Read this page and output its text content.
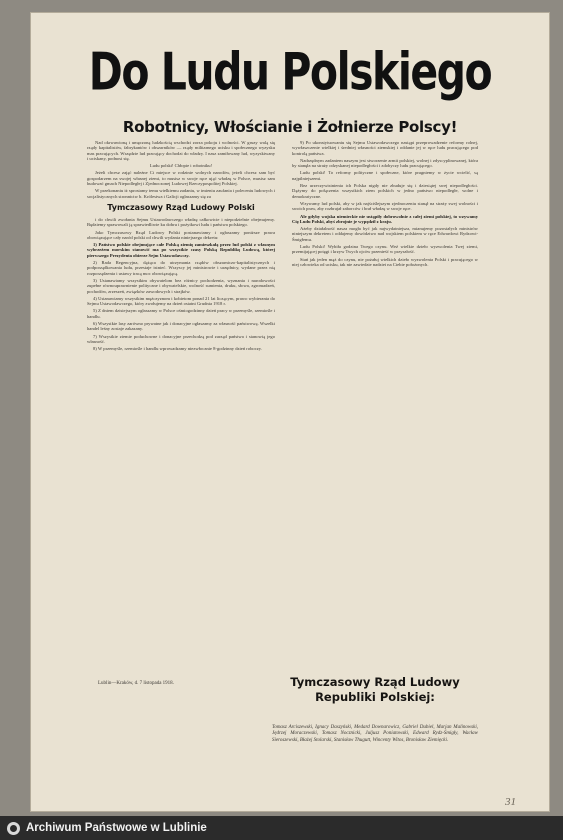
Do Ludu Polskiego
Robotnicy, Włościanie i Żołnierze Polscy!

Nad okrwawioną i umęczoną ludzkością wschodzi zorza pokoju i wolności. W gruzy walą się rządy kapitalistów, fabrykantów i obszarników — rządy militarnego ucisku i społecznego wyzysku mas pracujących. Wszędzie lud pracujący dochodzi do władzy. I nasz zamiłowany lud, wyzyskiwany i uciskany, podnosi się.

Ludu polski! Chłopie i robotniku!

Jeżeli chcesz zająć należne Ci miejsce w rodzinie wolnych narodów, jeżeli chcesz sam być gospodarzem na swojej własnej ziemi, to musisz w swoje ręce ująć władzę w Polsce, musisz sam budować gmach Niepodległej i Zjednoczonej Ludowej Rzeczypospolitej Polskiej.

W przekonaniu iż sprostamy temu wielkiemu zadaniu, w imieniu zaufania i poleceniu ludowych i socjalistycznych stronnictw b. Królestwa i Galicji ogłaszamy się za

Tymczasowy Rząd Ludowy Polski

i do chwili zwołania Sejmu Ustawodawczego władzę całkowicie i niepodzielnie obejmujemy. Będziemy sprawowali ją sprawiedliwie ku dobru i pożytkowi ludu i państwa polskiego.

Jako Tymczasowy Rząd Ludowy Polski postanawiamy i ogłaszamy poniższe prawa obowiązujące cały naród polski od chwili wydania niniejszego dekretu:

1) Państwo polskie obejmujące całe Polską ziemię zamieszkałą przez lud polski z własnym wybrzeżem morskim stanowić ma po wszystkie czasy Polską Republikę Ludową, której pierwszego Prezydenta obierze Sejm Ustawodawczy.

2) Rada Regencyjna, dążąca do utrzymania rządów obszarniczo-kapitalistycznych i podporządkowania ludu, przestaje istnieć. Wszyscy jej ministrowie i urzędnicy, wydane przez nią rozporządzenia i ustawy tracą moc obowiązującą.

3) Ustanawiamy wszystkim obywatelom bez różnicy pochodzenia, wyznania i narodowości zupełne równouprawnienie polityczne i obywatelskie, wolność sumienia, druku, słowa, zgromadzeń, pochodów, zrzeszeń, związków zawodowych i strajków.

4) Ustanawiamy wszystkim mężczyznom i kobietom ponad 21 lat liczącym, prawo wybierania do Sejmu Ustawodawczego, który zwołujemy na dzień ostatni Grudnia 1918 r.

5) Z dniem dzisiejszym ogłaszamy w Polsce ośmiogodzinny dzień pracy w przemyśle, rzemiośle i handlu.

6) Wszystkie lasy zarówno prywatne jak i donacyjne ogłaszamy za własność państwową. Wszelki handel leśny zostaje zakazany.

7) Wszystkie ziemie poduchowne i donacyjne przechodzą pod zarząd państwa i stanowią jego własność.

8) W przemyśle, rzemiośle i handlu wprowadzamy niezwłocznie 8-godzinny dzień roboczy.

9) Po ukonstytuowaniu się Sejmu Ustawodawczego nastąpi przeprowadzenie reformy rolnej, wywłaszczenie wielkiej i średniej własności ziemskiej i oddanie jej w ręce ludu pracującego pod kontrolą państwa.

Nadrzędnym zadaniem naszym jest stworzenie armii polskiej, wolnej i zdyscyplinowanej, która by stanęła na straży odzyskanej niepodległości i zdobyczy ludu pracującego.

Ludu polski! To reformy polityczne i społeczne, które pragniemy w życie wcielić, są najpilniejszemi.

Bez urzeczywistnienia ich Polska nigdy nie zbuduje się i dziesiątej swej niepodległości. Dążymy do połączenia wszystkich ziem polskich w jedno państwo niepodległe, wolne i demokratyczne.

Wzywamy lud polski, aby w jak najściślejszym zjednoczeniu stanął na straży swej wolności i swoich praw, aby rozbrajał zaborców i brał władzę w swoje ręce.

Ale gdyby wojska niemieckie nie ustąpiły dobrowolnie z całej ziemi polskiej, to wzywamy Cię Ludu Polski, abyś zbrojnie je wypędził z kraju.

Ażeby działalność nasza mogła być jak najwydatniejsza, mianujemy pozostałych ministrów niniejszym dekretem i oddajemy dowództwo nad wojskiem polskiem w ręce Edwardowi Rydzowi-Śmigłemu.

Ludu Polski! Wybiła godzina Twego czynu. Weź wielkie dzieło wyzwolenia Twej ziemi, przemijającej potęgi i krzyw Twych ojców przenieść w przyszłość.

Stań jak jeden mąż do czynu, nie pożałuj wielkich dzieło wyzwolenia Polski i pracującego w niej człowieka od ucisku, tak nie zawiedzie nadziei na Ciebie położonych.

Lublin—Kraków, d. 7 listopada 1918.	Tymczasowy Rząd Ludowy Republiki Polskiej:
Tomasz Arciszewski, Ignacy Daszyński, Medard Downarowicz, Gabriel Dubiel, Marjan Malinowski, Jędrzej Moraczewski, Tomasz Nocznicki, Juljusz Poniatowski, Edward Rydz-Śmigły, Wacław Sieroszewski, Błażej Stolarski, Stanisław Thugutt, Wincenty Witos, Bronisław Ziemięcki.
31
Archiwum Państwowe w Lublinie
